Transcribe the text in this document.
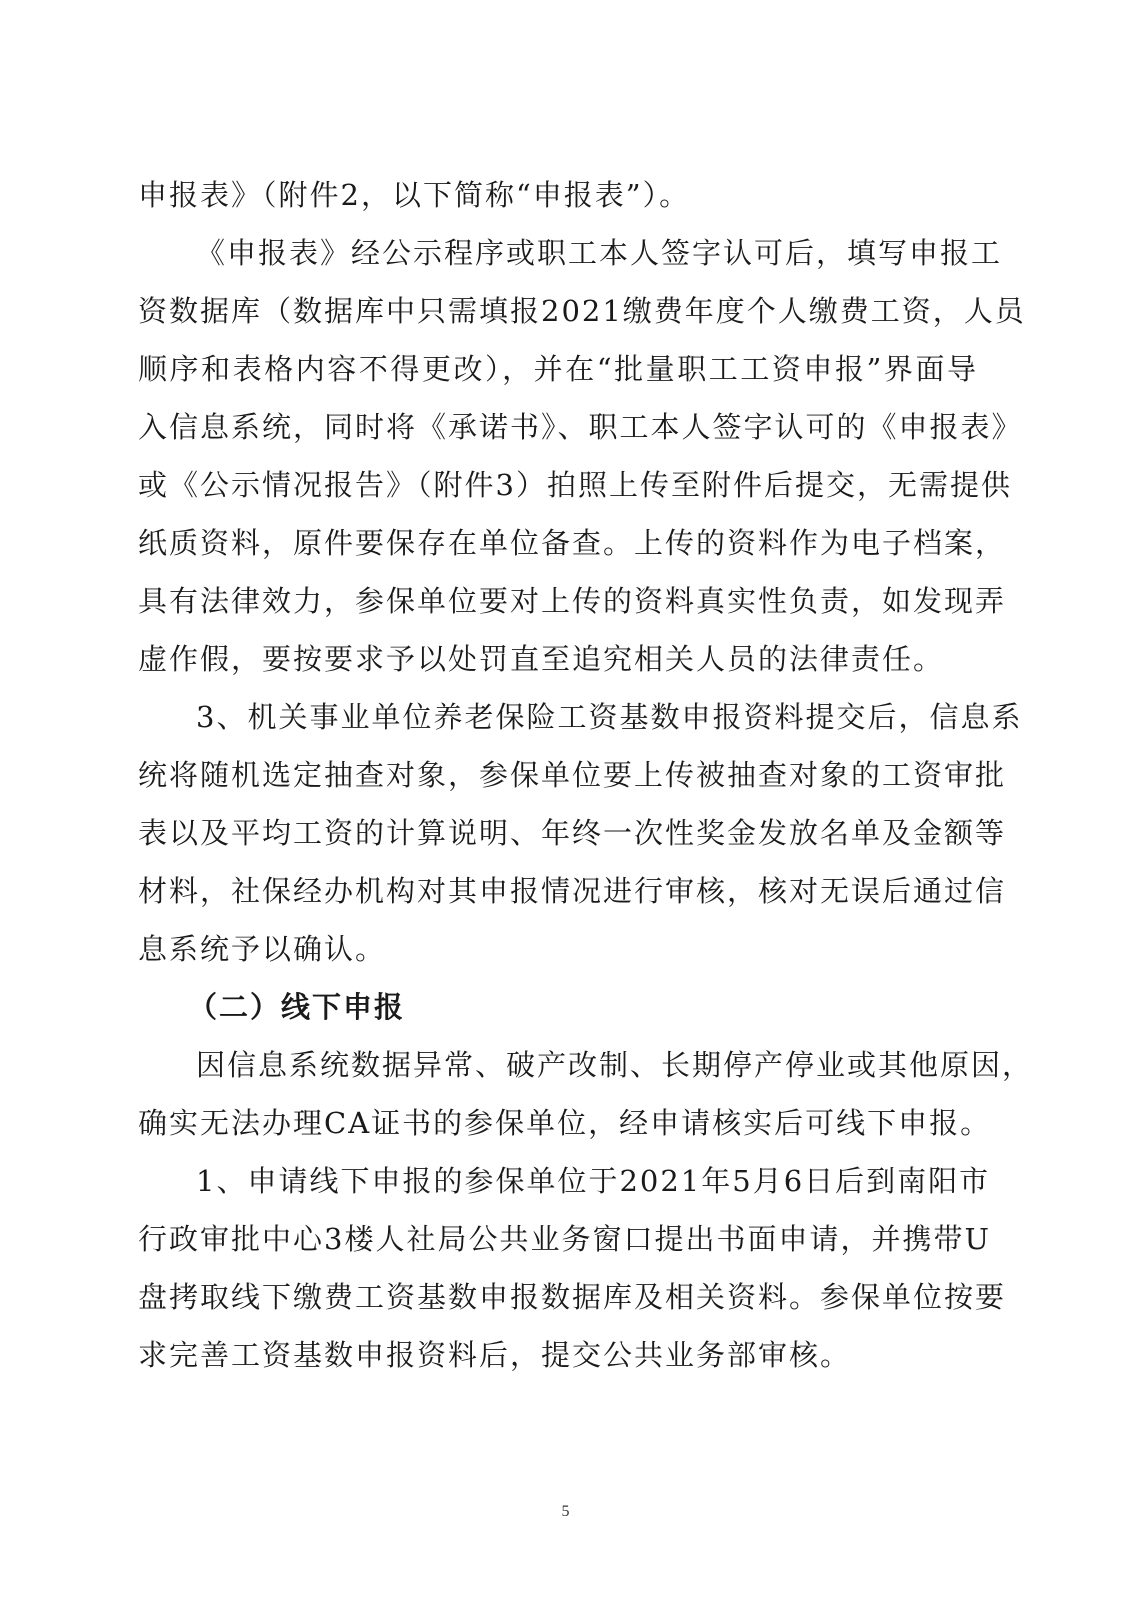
申报表》（附件2，以下简称“申报表”）。
《申报表》经公示程序或职工本人签字认可后，填写申报工
资数据库（数据库中只需填报2021缴费年度个人缴费工资，人员
顺序和表格内容不得更改），并在“批量职工工资申报”界面导
入信息系统，同时将《承诺书》、职工本人签字认可的《申报表》
或《公示情况报告》（附件3）拍照上传至附件后提交，无需提供
纸质资料，原件要保存在单位备查。上传的资料作为电子档案，
具有法律效力，参保单位要对上传的资料真实性负责，如发现弄
虚作假，要按要求予以处罚直至追究相关人员的法律责任。
3、机关事业单位养老保险工资基数申报资料提交后，信息系
统将随机选定抽查对象，参保单位要上传被抽查对象的工资审批
表以及平均工资的计算说明、年终一次性奖金发放名单及金额等
材料，社保经办机构对其申报情况进行审核，核对无误后通过信
息系统予以确认。
（二）线下申报
因信息系统数据异常、破产改制、长期停产停业或其他原因，
确实无法办理CA证书的参保单位，经申请核实后可线下申报。
1、申请线下申报的参保单位于2021年5月6日后到南阳市
行政审批中心3楼人社局公共业务窗口提出书面申请，并携带U
盘拷取线下缴费工资基数申报数据库及相关资料。参保单位按要
求完善工资基数申报资料后，提交公共业务部审核。
5
